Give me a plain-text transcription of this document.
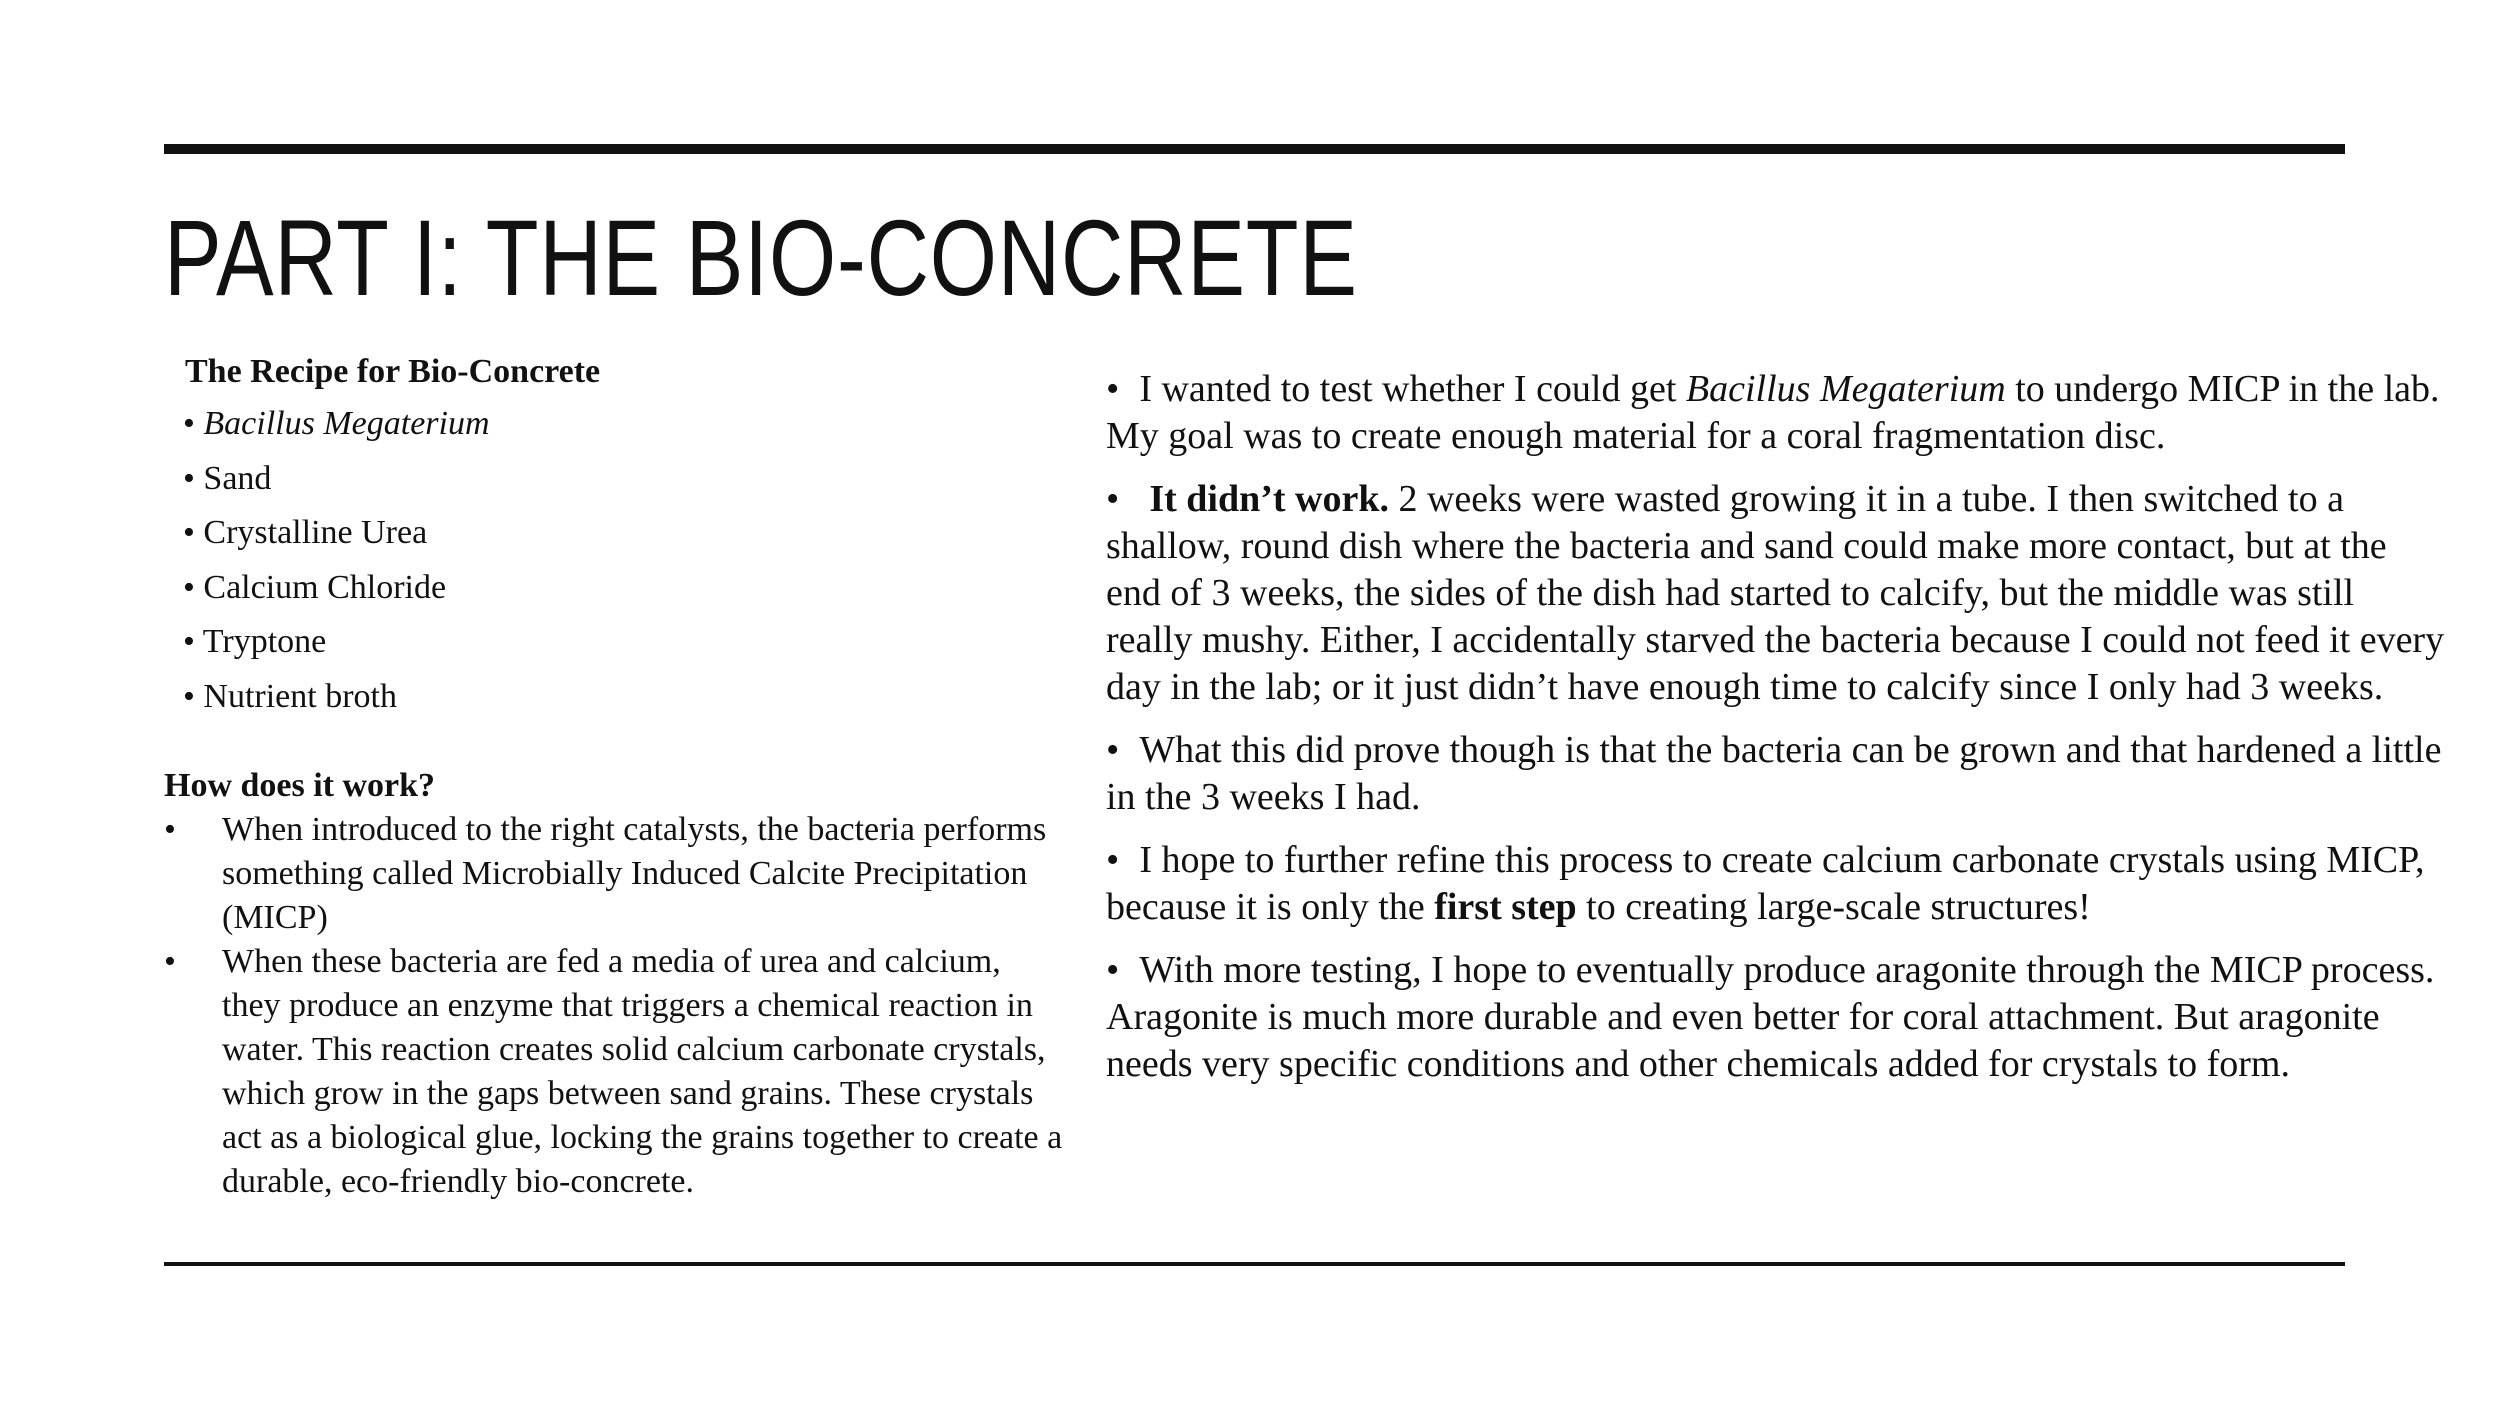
PART I: THE BIO-CONCRETE
The Recipe for Bio-Concrete
• Bacillus Megaterium
• Sand
• Crystalline Urea
• Calcium Chloride
• Tryptone
• Nutrient broth
How does it work?
• When introduced to the right catalysts, the bacteria performs something called Microbially Induced Calcite Precipitation (MICP)
• When these bacteria are fed a media of urea and calcium, they produce an enzyme that triggers a chemical reaction in water. This reaction creates solid calcium carbonate crystals, which grow in the gaps between sand grains. These crystals act as a biological glue, locking the grains together to create a durable, eco-friendly bio-concrete.
• I wanted to test whether I could get Bacillus Megaterium to undergo MICP in the lab. My goal was to create enough material for a coral fragmentation disc.
• It didn’t work. 2 weeks were wasted growing it in a tube. I then switched to a shallow, round dish where the bacteria and sand could make more contact, but at the end of 3 weeks, the sides of the dish had started to calcify, but the middle was still really mushy. Either, I accidentally starved the bacteria because I could not feed it every day in the lab; or it just didn’t have enough time to calcify since I only had 3 weeks.
• What this did prove though is that the bacteria can be grown and that hardened a little in the 3 weeks I had.
• I hope to further refine this process to create calcium carbonate crystals using MICP, because it is only the first step to creating large-scale structures!
• With more testing, I hope to eventually produce aragonite through the MICP process. Aragonite is much more durable and even better for coral attachment. But aragonite needs very specific conditions and other chemicals added for crystals to form.
